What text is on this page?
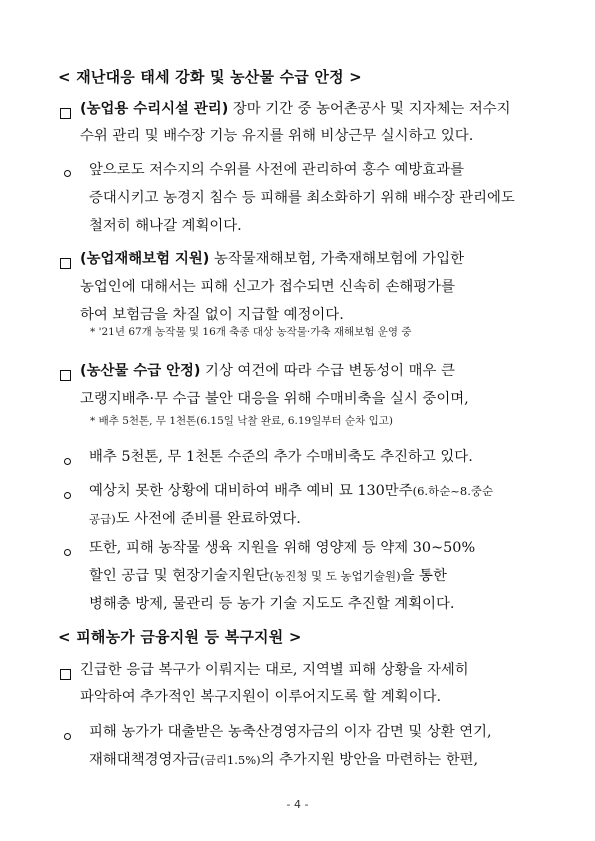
< 재난대응 태세 강화 및 농산물 수급 안정 >

(농업용 수리시설 관리) 장마 기간 중 농어촌공사 및 지자체는 저수지

수위 관리 및 배수장 기능 유지를 위해 비상근무 실시하고 있다.

앞으로도 저수지의 수위를 사전에 관리하여 홍수 예방효과를

증대시키고 농경지 침수 등 피해를 최소화하기 위해 배수장 관리에도

철저히 해나갈 계획이다.

(농업재해보험 지원) 농작물재해보험, 가축재해보험에 가입한

농업인에 대해서는 피해 신고가 접수되면 신속히 손해평가를

하여 보험금을 차질 없이 지급할 예정이다.

* '21년 67개 농작물 및 16개 축종 대상 농작물·가축 재해보험 운영 중

(농산물 수급 안정) 기상 여건에 따라 수급 변동성이 매우 큰

고랭지배추·무 수급 불안 대응을 위해 수매비축을 실시 중이며,

* 배추 5천톤, 무 1천톤(6.15일 낙찰 완료, 6.19일부터 순차 입고)

배추 5천톤, 무 1천톤 수준의 추가 수매비축도 추진하고 있다.

예상치 못한 상황에 대비하여 배추 예비 묘 130만주(6.하순~8.중순

공급)도 사전에 준비를 완료하였다.

또한, 피해 농작물 생육 지원을 위해 영양제 등 약제 30~50%

할인 공급 및 현장기술지원단(농진청 및 도 농업기술원)을 통한

병해충 방제, 물관리 등 농가 기술 지도도 추진할 계획이다.

< 피해농가 금융지원 등 복구지원 >

긴급한 응급 복구가 이뤄지는 대로, 지역별 피해 상황을 자세히

파악하여 추가적인 복구지원이 이루어지도록 할 계획이다.

피해 농가가 대출받은 농축산경영자금의 이자 감면 및 상환 연기,

재해대책경영자금(금리1.5%)의 추가지원 방안을 마련하는 한편,

- 4 -
